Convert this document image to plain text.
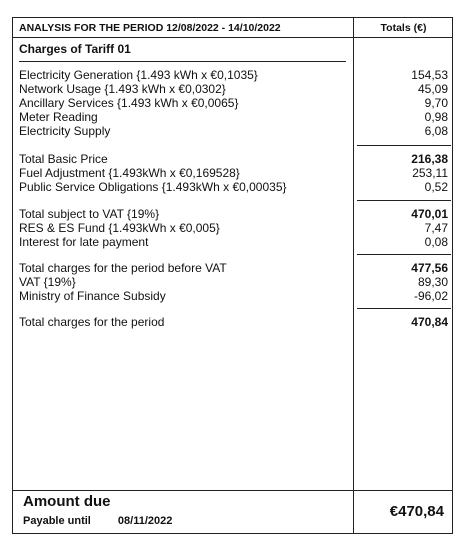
ANALYSIS FOR THE PERIOD 12/08/2022 - 14/10/2022	Totals (€)
Charges of Tariff 01
Electricity Generation {1.493 kWh x €0,1035}	154,53
Network Usage {1.493 kWh x €0,0302}	45,09
Ancillary Services {1.493 kWh x €0,0065}	9,70
Meter Reading	0,98
Electricity Supply	6,08
Total Basic Price	216,38
Fuel Adjustment {1.493kWh x €0,169528}	253,11
Public Service Obligations {1.493kWh x €0,00035}	0,52
Total subject to VAT {19%}	470,01
RES & ES Fund {1.493kWh x €0,005}	7,47
Interest for late payment	0,08
Total charges for the period before VAT	477,56
VAT {19%}	89,30
Ministry of Finance Subsidy	-96,02
Total charges for the period	470,84
Amount due
Payable until 08/11/2022
€470,84
